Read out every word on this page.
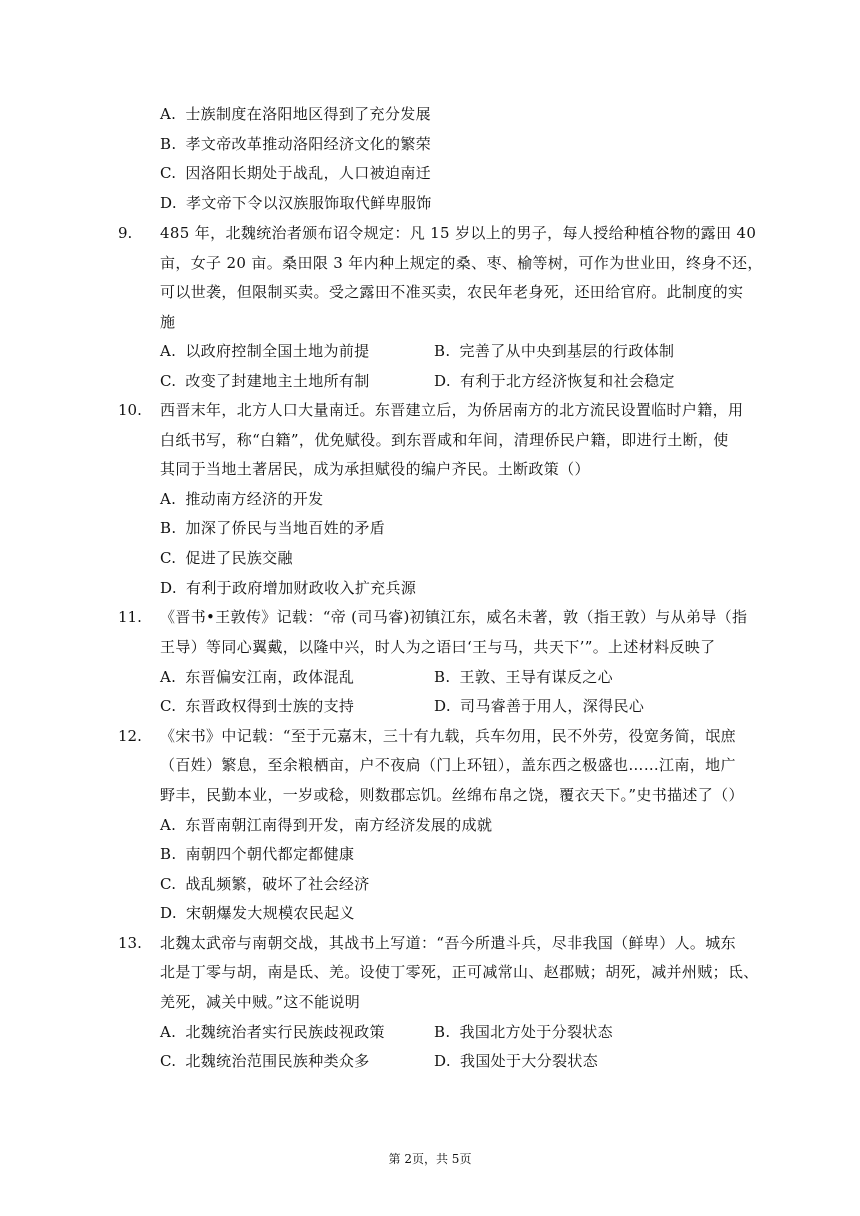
A. 士族制度在洛阳地区得到了充分发展
B. 孝文帝改革推动洛阳经济文化的繁荣
C. 因洛阳长期处于战乱，人口被迫南迁
D. 孝文帝下令以汉族服饰取代鲜卑服饰
9. 485 年，北魏统治者颁布诏令规定：凡 15 岁以上的男子，每人授给种植谷物的露田 40
亩，女子 20 亩。桑田限 3 年内种上规定的桑、枣、榆等树，可作为世业田，终身不还，
可以世袭，但限制买卖。受之露田不准买卖，农民年老身死，还田给官府。此制度的实
施
A. 以政府控制全国土地为前提	B. 完善了从中央到基层的行政体制
C. 改变了封建地主土地所有制	D. 有利于北方经济恢复和社会稳定
10. 西晋末年，北方人口大量南迁。东晋建立后，为侨居南方的北方流民设置临时户籍，用
白纸书写，称“白籍”，优免赋役。到东晋咸和年间，清理侨民户籍，即进行土断，使
其同于当地土著居民，成为承担赋役的编户齐民。土断政策（）
A. 推动南方经济的开发
B. 加深了侨民与当地百姓的矛盾
C. 促进了民族交融
D. 有利于政府增加财政收入扩充兵源
11. 《晋书•王敦传》记载：“帝 (司马睿)初镇江东，威名未著，敦（指王敦）与从弟导（指
王导）等同心翼戴，以隆中兴，时人为之语曰‘王与马，共天下’”。上述材料反映了
A. 东晋偏安江南，政体混乱	B. 王敦、王导有谋反之心
C. 东晋政权得到士族的支持	D. 司马睿善于用人，深得民心
12. 《宋书》中记载：“至于元嘉末，三十有九载，兵车勿用，民不外劳，役宽务简，氓庶
（百姓）繁息，至余粮栖亩，户不夜扃（门上环钮），盖东西之极盛也……江南，地广
野丰，民勤本业，一岁或稔，则数郡忘饥。丝绵布帛之饶，覆衣天下。”史书描述了（）
A. 东晋南朝江南得到开发，南方经济发展的成就
B. 南朝四个朝代都定都健康
C. 战乱频繁，破坏了社会经济
D. 宋朝爆发大规模农民起义
13. 北魏太武帝与南朝交战，其战书上写道：“吾今所遣斗兵，尽非我国（鲜卑）人。城东
北是丁零与胡，南是氐、羌。设使丁零死，正可减常山、赵郡贼；胡死，减并州贼；氐、
羌死，减关中贼。”这不能说明
A. 北魏统治者实行民族歧视政策	B. 我国北方处于分裂状态
C. 北魏统治范围民族种类众多	D. 我国处于大分裂状态
第 2页，共 5页
